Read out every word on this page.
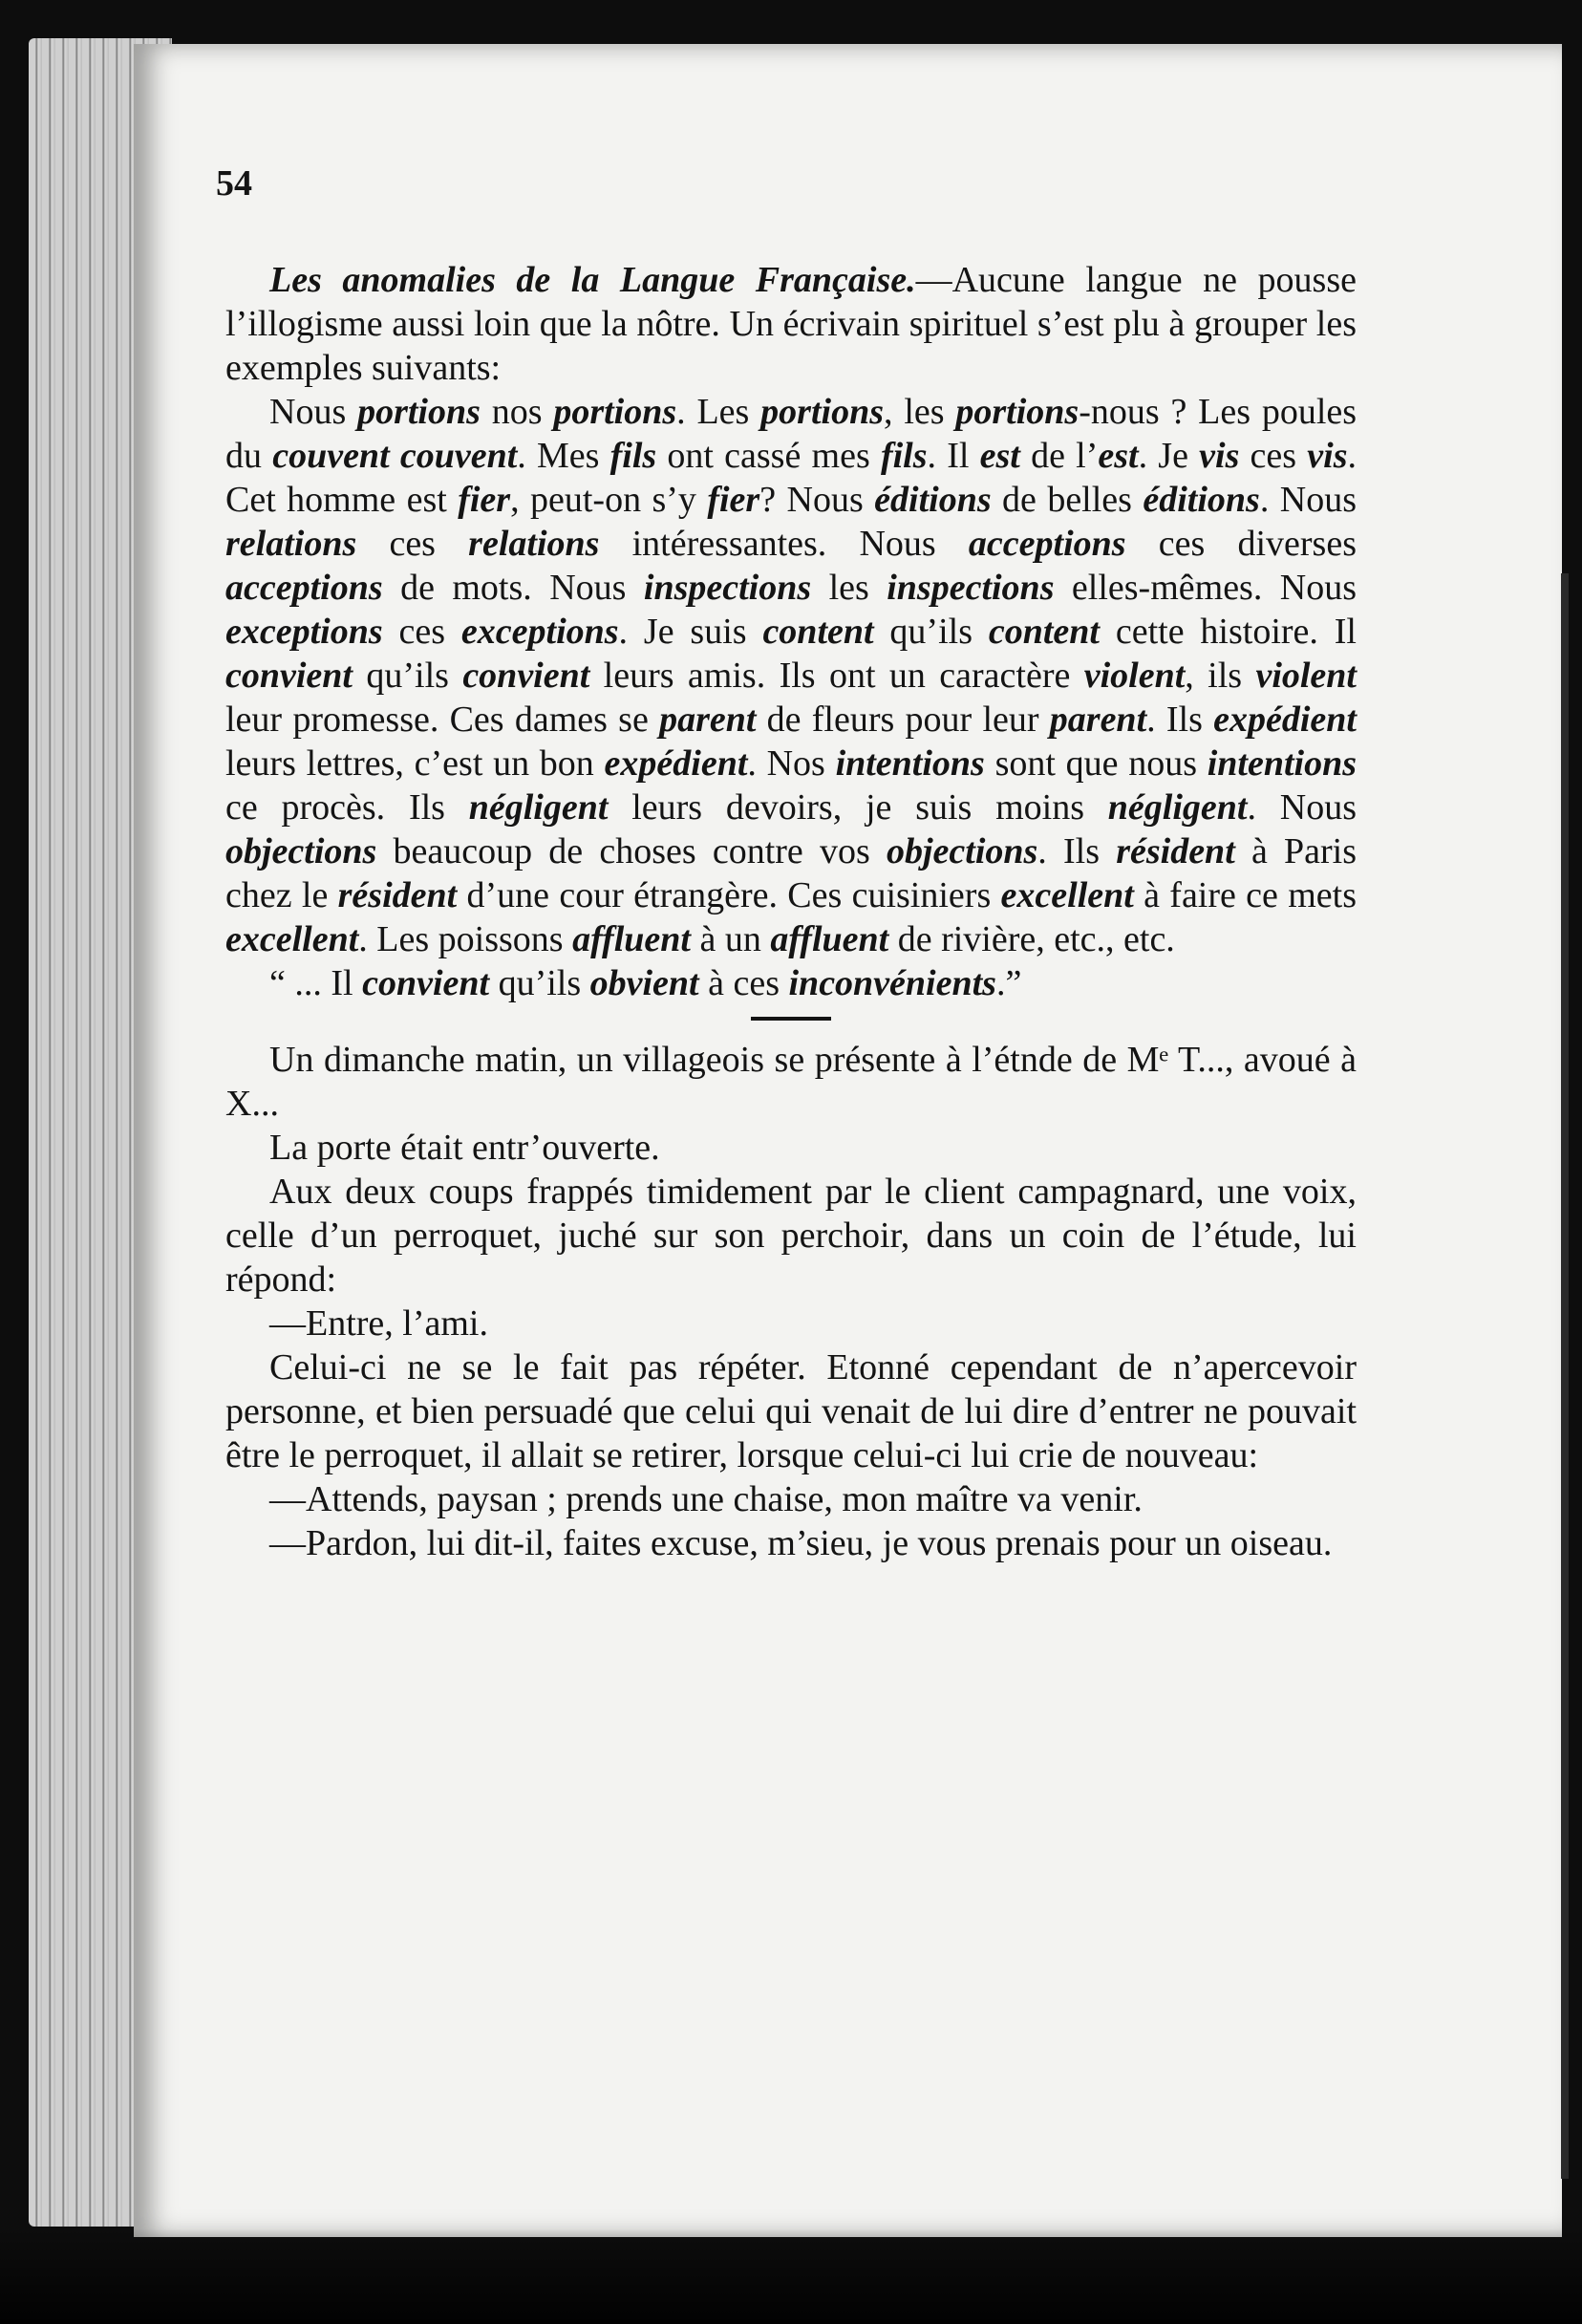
54

Les anomalies de la Langue Française.—Aucune langue ne pousse l’illogisme aussi loin que la nôtre. Un écrivain spirituel s’est plu à grouper les exemples suivants:

Nous portions nos portions. Les portions, les portions-nous ? Les poules du couvent couvent. Mes fils ont cassé mes fils. Il est de l’est. Je vis ces vis. Cet homme est fier, peut-on s’y fier? Nous éditions de belles éditions. Nous relations ces relations intéressantes. Nous acceptions ces diverses acceptions de mots. Nous inspections les inspections elles-mêmes. Nous exceptions ces exceptions. Je suis content qu’ils content cette histoire. Il convient qu’ils convient leurs amis. Ils ont un caractère violent, ils violent leur promesse. Ces dames se parent de fleurs pour leur parent. Ils expédient leurs lettres, c’est un bon expédient. Nos intentions sont que nous intentions ce procès. Ils négligent leurs devoirs, je suis moins négligent. Nous objections beaucoup de choses contre vos objections. Ils résident à Paris chez le résident d’une cour étrangère. Ces cuisiniers excellent à faire ce mets excellent. Les poissons affluent à un affluent de rivière, etc., etc.

“ ... Il convient qu’ils obvient à ces inconvénients.”

Un dimanche matin, un villageois se présente à l’étnde de Mᵉ T..., avoué à X...

La porte était entr’ouverte.

Aux deux coups frappés timidement par le client campagnard, une voix, celle d’un perroquet, juché sur son perchoir, dans un coin de l’étude, lui répond:

—Entre, l’ami.

Celui-ci ne se le fait pas répéter. Etonné cependant de n’apercevoir personne, et bien persuadé que celui qui venait de lui dire d’entrer ne pouvait être le perroquet, il allait se retirer, lorsque celui-ci lui crie de nouveau:

—Attends, paysan ; prends une chaise, mon maître va venir.

—Pardon, lui dit-il, faites excuse, m’sieu, je vous prenais pour un oiseau.
